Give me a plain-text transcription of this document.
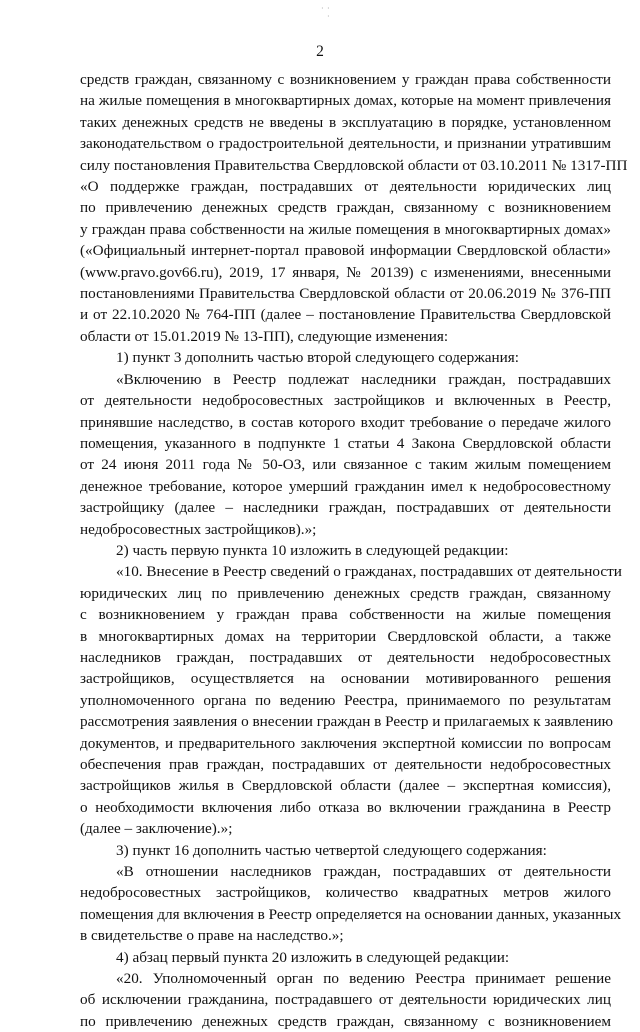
· ·
·
2
средств граждан, связанному с возникновением у граждан права собственности
на жилые помещения в многоквартирных домах, которые на момент привлечения
таких денежных средств не введены в эксплуатацию в порядке, установленном
законодательством о градостроительной деятельности, и признании утратившим
силу постановления Правительства Свердловской области от 03.10.2011 № 1317-ПП
«О поддержке граждан, пострадавших от деятельности юридических лиц
по привлечению денежных средств граждан, связанному с возникновением
у граждан права собственности на жилые помещения в многоквартирных домах»
(«Официальный интернет-портал правовой информации Свердловской области»
(www.pravo.gov66.ru), 2019, 17 января, № 20139) с изменениями, внесенными
постановлениями Правительства Свердловской области от 20.06.2019 № 376-ПП
и от 22.10.2020 № 764-ПП (далее – постановление Правительства Свердловской
области от 15.01.2019 № 13-ПП), следующие изменения:
1) пункт 3 дополнить частью второй следующего содержания:
«Включению в Реестр подлежат наследники граждан, пострадавших
от деятельности недобросовестных застройщиков и включенных в Реестр,
принявшие наследство, в состав которого входит требование о передаче жилого
помещения, указанного в подпункте 1 статьи 4 Закона Свердловской области
от 24 июня 2011 года № 50-ОЗ, или связанное с таким жилым помещением
денежное требование, которое умерший гражданин имел к недобросовестному
застройщику (далее – наследники граждан, пострадавших от деятельности
недобросовестных застройщиков).»;
2) часть первую пункта 10 изложить в следующей редакции:
«10. Внесение в Реестр сведений о гражданах, пострадавших от деятельности
юридических лиц по привлечению денежных средств граждан, связанному
с возникновением у граждан права собственности на жилые помещения
в многоквартирных домах на территории Свердловской области, а также
наследников граждан, пострадавших от деятельности недобросовестных
застройщиков, осуществляется на основании мотивированного решения
уполномоченного органа по ведению Реестра, принимаемого по результатам
рассмотрения заявления о внесении граждан в Реестр и прилагаемых к заявлению
документов, и предварительного заключения экспертной комиссии по вопросам
обеспечения прав граждан, пострадавших от деятельности недобросовестных
застройщиков жилья в Свердловской области (далее – экспертная комиссия),
о необходимости включения либо отказа во включении гражданина в Реестр
(далее – заключение).»;
3) пункт 16 дополнить частью четвертой следующего содержания:
«В отношении наследников граждан, пострадавших от деятельности
недобросовестных застройщиков, количество квадратных метров жилого
помещения для включения в Реестр определяется на основании данных, указанных
в свидетельстве о праве на наследство.»;
4) абзац первый пункта 20 изложить в следующей редакции:
«20. Уполномоченный орган по ведению Реестра принимает решение
об исключении гражданина, пострадавшего от деятельности юридических лиц
по привлечению денежных средств граждан, связанному с возникновением
